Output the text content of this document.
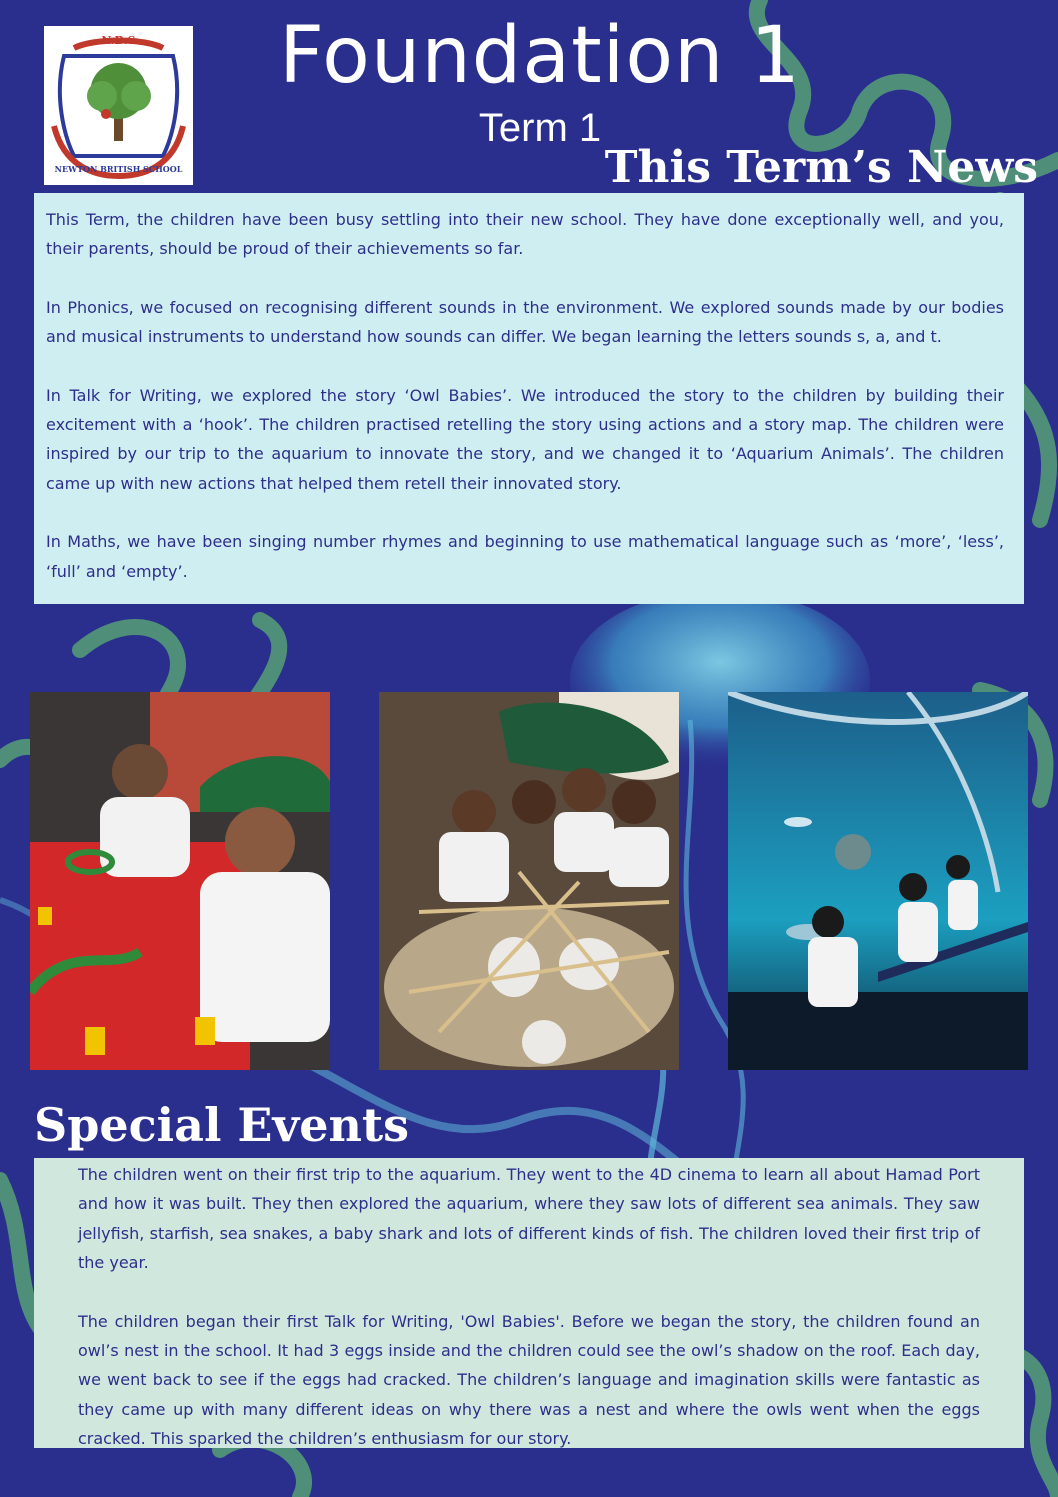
N.B.S
NEWTON BRITISH SCHOOL
Foundation 1
Term 1
This Term’s News

This Term, the children have been busy settling into their new school. They have done exceptionally well, and you, their parents, should be proud of their achievements so far.

In Phonics, we focused on recognising different sounds in the environment. We explored sounds made by our bodies and musical instruments to understand how sounds can differ. We began learning the letters sounds s, a, and t.

In Talk for Writing, we explored the story ‘Owl Babies’. We introduced the story to the children by building their excitement with a ‘hook’. The children practised retelling the story using actions and a story map. The children were inspired by our trip to the aquarium to innovate the story, and we changed it to ‘Aquarium Animals’. The children came up with new actions that helped them retell their innovated story.

In Maths, we have been singing number rhymes and beginning to use mathematical language such as ‘more’, ‘less’, ‘full’ and ‘empty’.

Special Events

The children went on their first trip to the aquarium. They went to the 4D cinema to learn all about Hamad Port and how it was built. They then explored the aquarium, where they saw lots of different sea animals. They saw jellyfish, starfish, sea snakes, a baby shark and lots of different kinds of fish. The children loved their first trip of the year.

The children began their first Talk for Writing, 'Owl Babies'. Before we began the story, the children found an owl’s nest in the school. It had 3 eggs inside and the children could see the owl’s shadow on the roof. Each day, we went back to see if the eggs had cracked. The children’s language and imagination skills were fantastic as they came up with many different ideas on why there was a nest and where the owls went when the eggs cracked. This sparked the children’s enthusiasm for our story.
